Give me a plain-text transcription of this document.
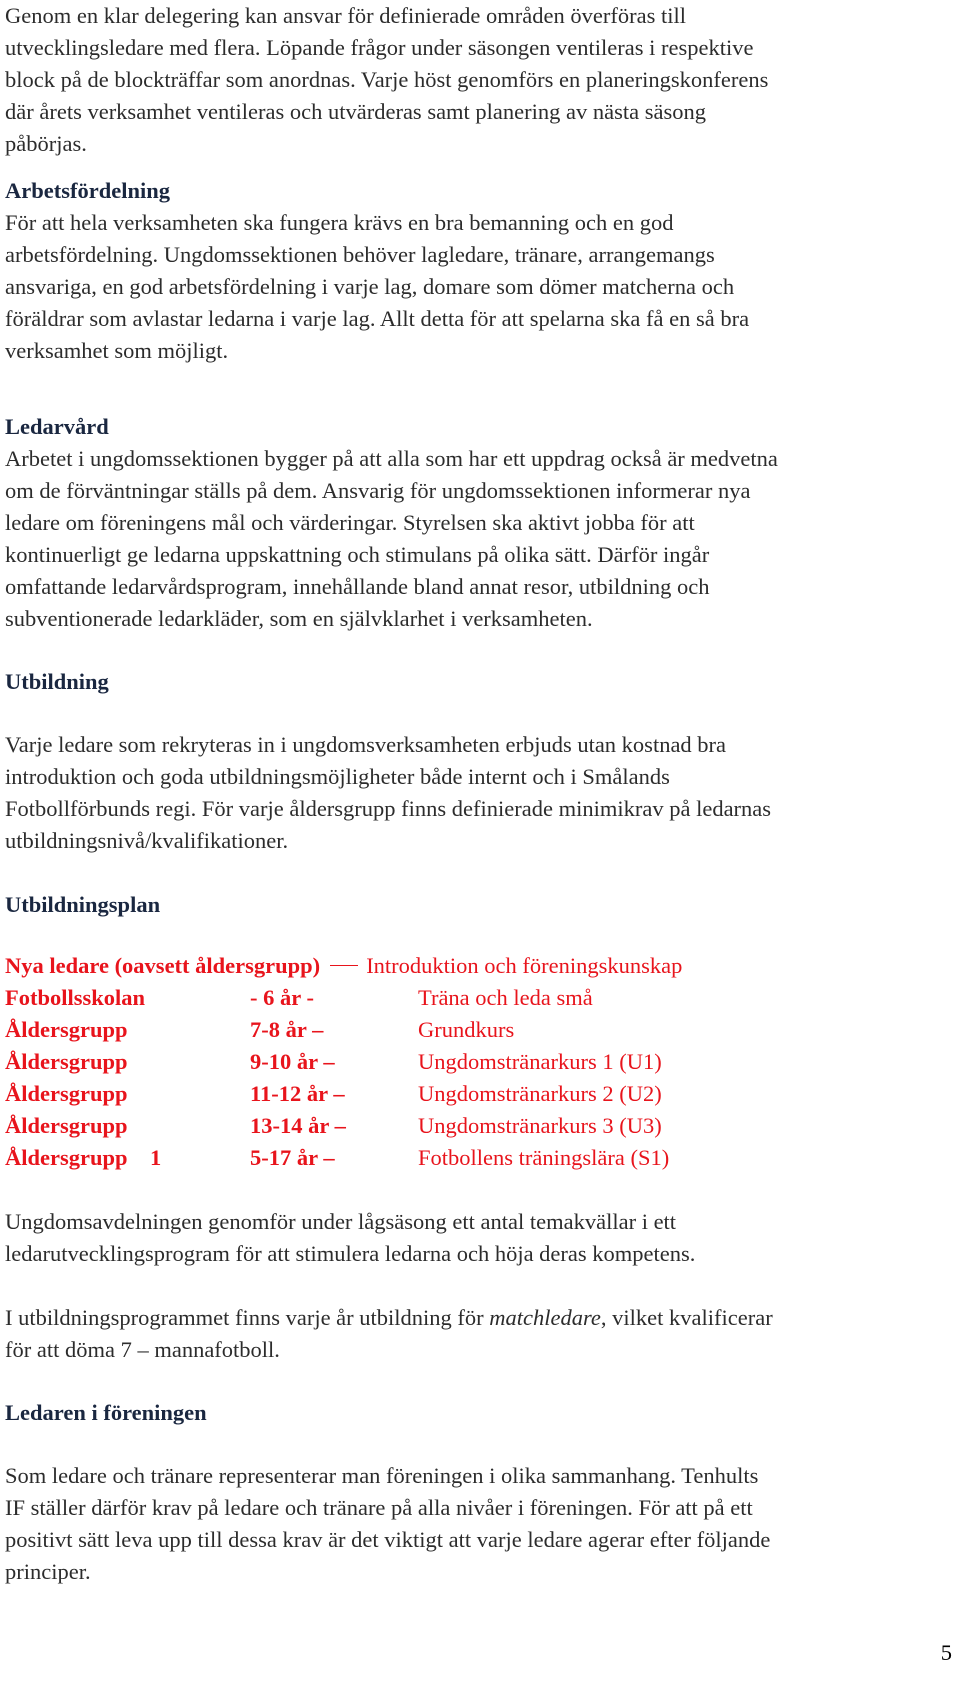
Genom en klar delegering kan ansvar för definierade områden överföras till
utvecklingsledare med flera. Löpande frågor under säsongen ventileras i respektive
block på de blockträffar som anordnas. Varje höst genomförs en planeringskonferens
där årets verksamhet ventileras och utvärderas samt planering av nästa säsong
påbörjas.
Arbetsfördelning
För att hela verksamheten ska fungera krävs en bra bemanning och en god
arbetsfördelning. Ungdomssektionen behöver lagledare, tränare, arrangemangs
ansvariga, en god arbetsfördelning i varje lag, domare som dömer matcherna och
föräldrar som avlastar ledarna i varje lag. Allt detta för att spelarna ska få en så bra
verksamhet som möjligt.
Ledarvård
Arbetet i ungdomssektionen bygger på att alla som har ett uppdrag också är medvetna
om de förväntningar ställs på dem. Ansvarig för ungdomssektionen informerar nya
ledare om föreningens mål och värderingar. Styrelsen ska aktivt jobba för att
kontinuerligt ge ledarna uppskattning och stimulans på olika sätt. Därför ingår
omfattande ledarvårdsprogram, innehållande bland annat resor, utbildning och
subventionerade ledarkläder, som en självklarhet i verksamheten.
Utbildning
Varje ledare som rekryteras in i ungdomsverksamheten erbjuds utan kostnad bra
introduktion och goda utbildningsmöjligheter både internt och i Smålands
Fotbollförbunds regi. För varje åldersgrupp finns definierade minimikrav på ledarnas
utbildningsnivå/kvalifikationer.
Utbildningsplan
Nya ledare (oavsett åldersgrupp) Introduktion och föreningskunskap
Fotbollsskolan	- 6 år -	Träna och leda små
Åldersgrupp	7-8 år –	Grundkurs
Åldersgrupp	9-10 år –	Ungdomstränarkurs 1 (U1)
Åldersgrupp	11-12 år –	Ungdomstränarkurs 2 (U2)
Åldersgrupp	13-14 år –	Ungdomstränarkurs 3 (U3)
Åldersgrupp    1	5-17 år –	Fotbollens träningslära (S1)
Ungdomsavdelningen genomför under lågsäsong ett antal temakvällar i ett
ledarutvecklingsprogram för att stimulera ledarna och höja deras kompetens.
I utbildningsprogrammet finns varje år utbildning för matchledare, vilket kvalificerar
för att döma 7 – mannafotboll.
Ledaren i föreningen
Som ledare och tränare representerar man föreningen i olika sammanhang. Tenhults
IF ställer därför krav på ledare och tränare på alla nivåer i föreningen. För att på ett
positivt sätt leva upp till dessa krav är det viktigt att varje ledare agerar efter följande
principer.
5
